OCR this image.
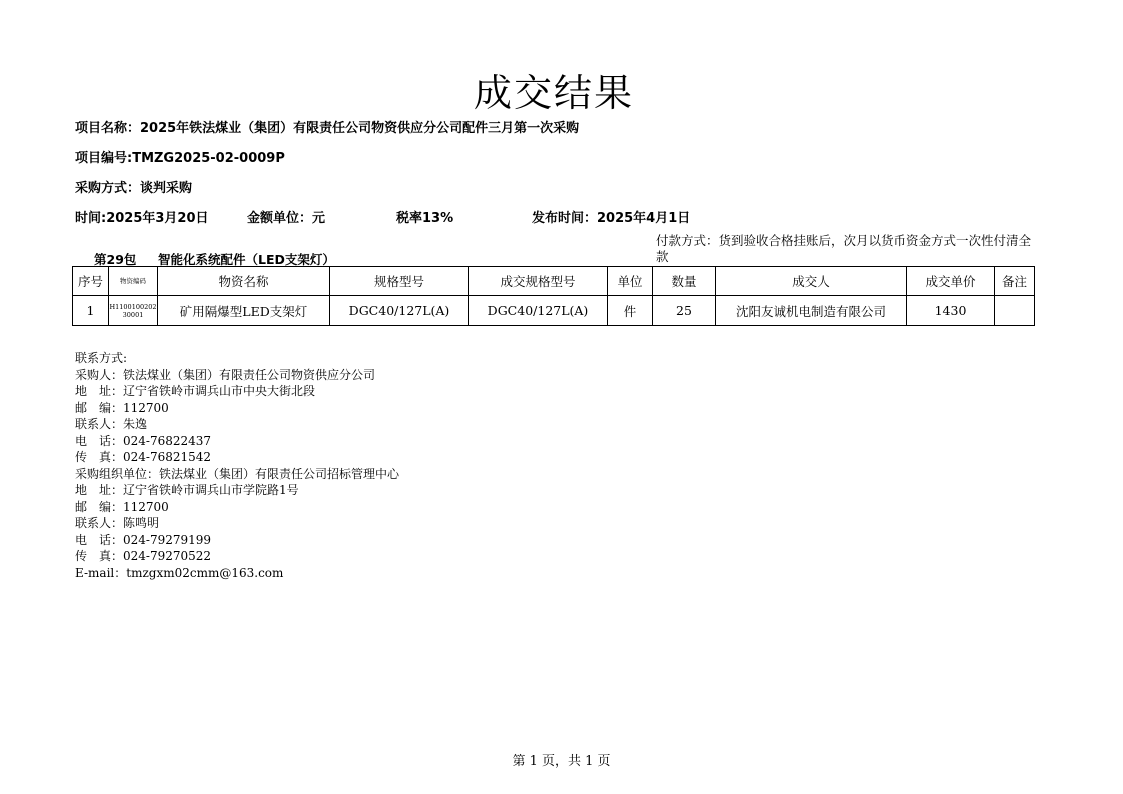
成交结果
项目名称：2025年铁法煤业（集团）有限责任公司物资供应分公司配件三月第一次采购
项目编号:TMZG2025-02-0009P
采购方式：谈判采购
时间:2025年3月20日	金额单位：元	税率13%	发布时间：2025年4月1日
第29包 智能化系统配件（LED支架灯）
付款方式：货到验收合格挂账后，次月以货币资金方式一次性付清全款
序号	物资编码	物资名称	规格型号	成交规格型号	单位	数量	成交人	成交单价	备注
1	H110010020230001	矿用隔爆型LED支架灯	DGC40/127L(A)	DGC40/127L(A)	件	25	沈阳友诚机电制造有限公司	1430	
联系方式:
采购人：铁法煤业（集团）有限责任公司物资供应分公司
地　址：辽宁省铁岭市调兵山市中央大街北段
邮　编：112700
联系人：朱逸
电　话：024-76822437
传　真：024-76821542
采购组织单位：铁法煤业（集团）有限责任公司招标管理中心
地　址：辽宁省铁岭市调兵山市学院路1号
邮　编：112700
联系人：陈鸣明
电　话：024-79279199
传　真：024-79270522
E-mail：tmzgxm02cmm@163.com
第 1 页，共 1 页
